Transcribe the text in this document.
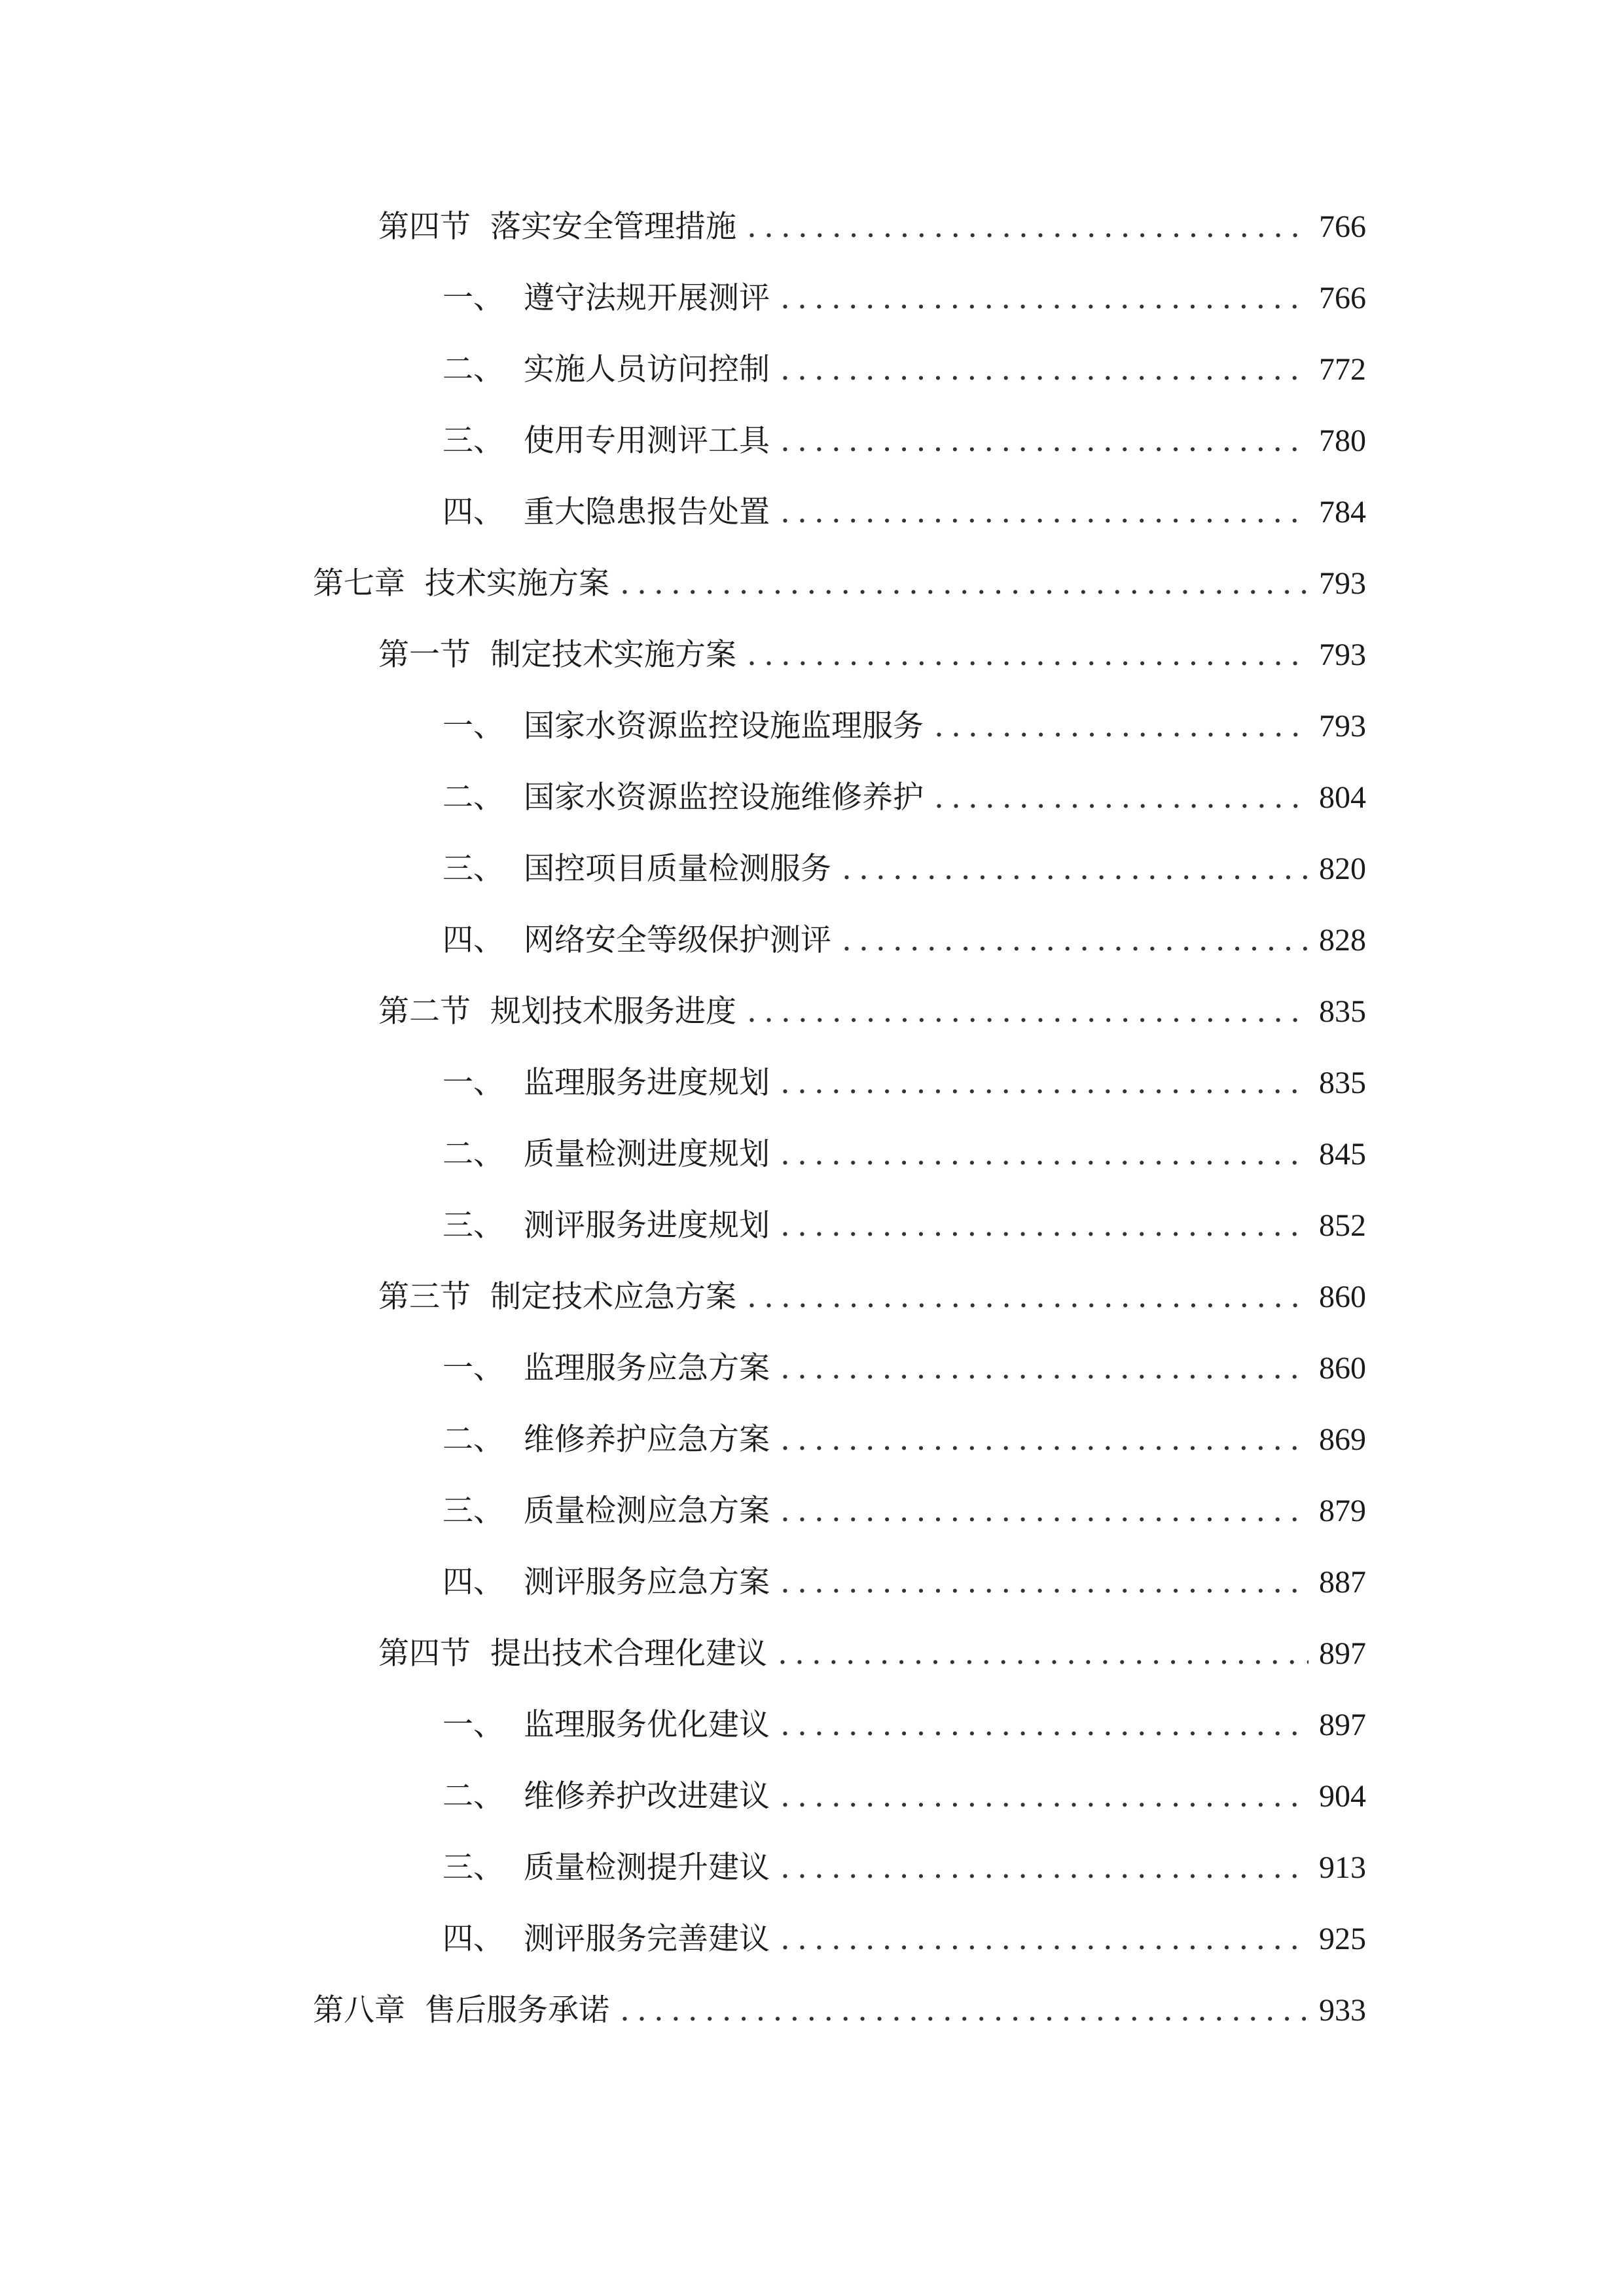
第四节 落实安全管理措施 .....	766
一、 遵守法规开展测评 .....	766
二、 实施人员访问控制 .....	772
三、 使用专用测评工具 .....	780
四、 重大隐患报告处置 .....	784
第七章 技术实施方案 .....	793
第一节 制定技术实施方案 .....	793
一、 国家水资源监控设施监理服务 .....	793
二、 国家水资源监控设施维修养护 .....	804
三、 国控项目质量检测服务 .....	820
四、 网络安全等级保护测评 .....	828
第二节 规划技术服务进度 .....	835
一、 监理服务进度规划 .....	835
二、 质量检测进度规划 .....	845
三、 测评服务进度规划 .....	852
第三节 制定技术应急方案 .....	860
一、 监理服务应急方案 .....	860
二、 维修养护应急方案 .....	869
三、 质量检测应急方案 .....	879
四、 测评服务应急方案 .....	887
第四节 提出技术合理化建议 .....	897
一、 监理服务优化建议 .....	897
二、 维修养护改进建议 .....	904
三、 质量检测提升建议 .....	913
四、 测评服务完善建议 .....	925
第八章 售后服务承诺 .....	933
